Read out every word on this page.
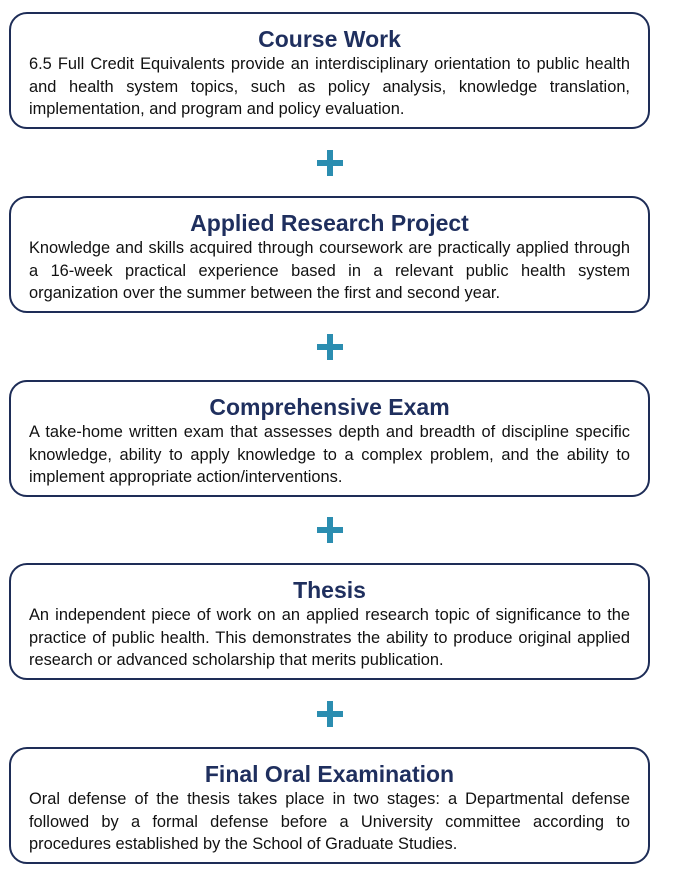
Course Work
6.5 Full Credit Equivalents provide an interdisciplinary orientation to public health and health system topics, such as policy analysis, knowledge translation, implementation, and program and policy evaluation.
Applied Research Project
Knowledge and skills acquired through coursework are practically applied through a 16-week practical experience based in a relevant public health system organization over the summer between the first and second year.
Comprehensive Exam
A take-home written exam that assesses depth and breadth of discipline specific knowledge, ability to apply knowledge to a complex problem, and the ability to implement appropriate action/interventions.
Thesis
An independent piece of work on an applied research topic of significance to the practice of public health. This demonstrates the ability to produce original applied research or advanced scholarship that merits publication.
Final Oral Examination
Oral defense of the thesis takes place in two stages: a Departmental defense followed by a formal defense before a University committee according to procedures established by the School of Graduate Studies.
